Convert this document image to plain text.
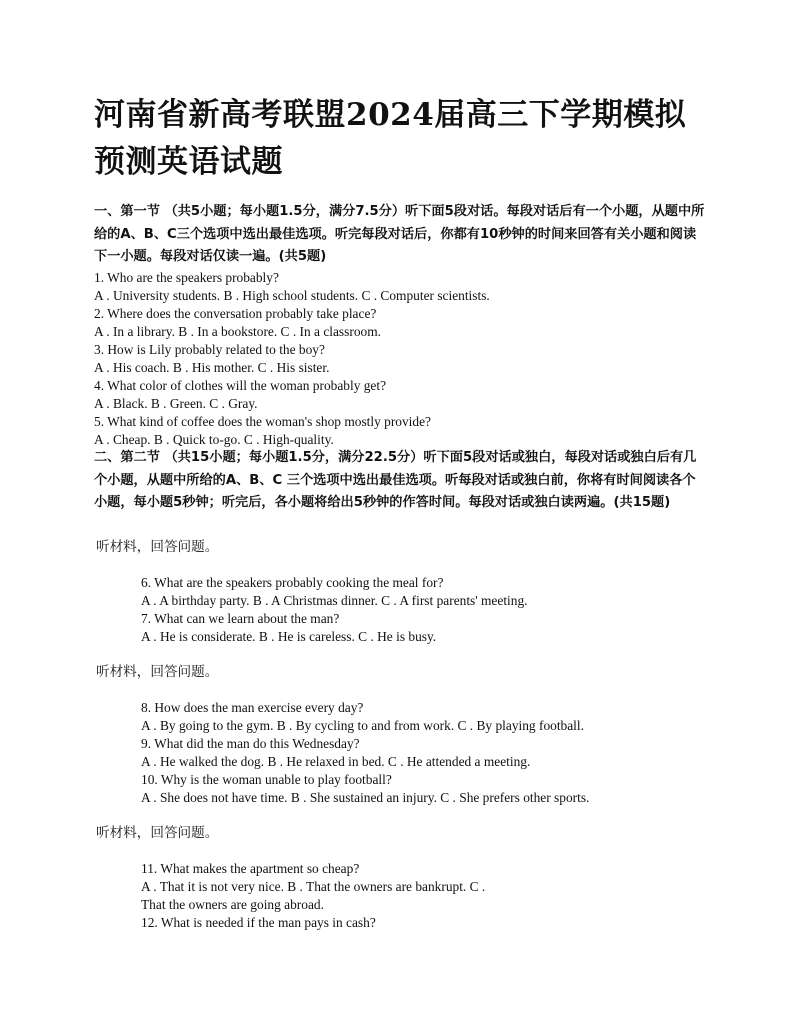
河南省新高考联盟2024届高三下学期模拟预测英语试题
一、第一节 （共5小题；每小题1.5分，满分7.5分）听下面5段对话。每段对话后有一个小题，从题中所给的A、B、C三个选项中选出最佳选项。听完每段对话后，你都有10秒钟的时间来回答有关小题和阅读下一小题。每段对话仅读一遍。(共5题)
1. Who are the speakers probably?
A . University students. B . High school students. C . Computer scientists.
2. Where does the conversation probably take place?
A . In a library. B . In a bookstore. C . In a classroom.
3. How is Lily probably related to the boy?
A . His coach. B . His mother. C . His sister.
4. What color of clothes will the woman probably get?
A . Black. B . Green. C . Gray.
5. What kind of coffee does the woman's shop mostly provide?
A . Cheap. B . Quick to-go. C . High-quality.
二、第二节 （共15小题；每小题1.5分，满分22.5分）听下面5段对话或独白，每段对话或独白后有几个小题，从题中所给的A、B、C 三个选项中选出最佳选项。听每段对话或独白前，你将有时间阅读各个小题，每小题5秒钟；听完后，各小题将给出5秒钟的作答时间。每段对话或独白读两遍。(共15题)
听材料，回答问题。
6. What are the speakers probably cooking the meal for?
A . A birthday party. B . A Christmas dinner. C . A first parents' meeting.
7. What can we learn about the man?
A . He is considerate. B . He is careless. C . He is busy.
听材料，回答问题。
8. How does the man exercise every day?
A . By going to the gym. B . By cycling to and from work. C . By playing football.
9. What did the man do this Wednesday?
A . He walked the dog. B . He relaxed in bed. C . He attended a meeting.
10. Why is the woman unable to play football?
A . She does not have time. B . She sustained an injury. C . She prefers other sports.
听材料，回答问题。
11. What makes the apartment so cheap?
A . That it is not very nice. B . That the owners are bankrupt. C .
That the owners are going abroad.
12. What is needed if the man pays in cash?
